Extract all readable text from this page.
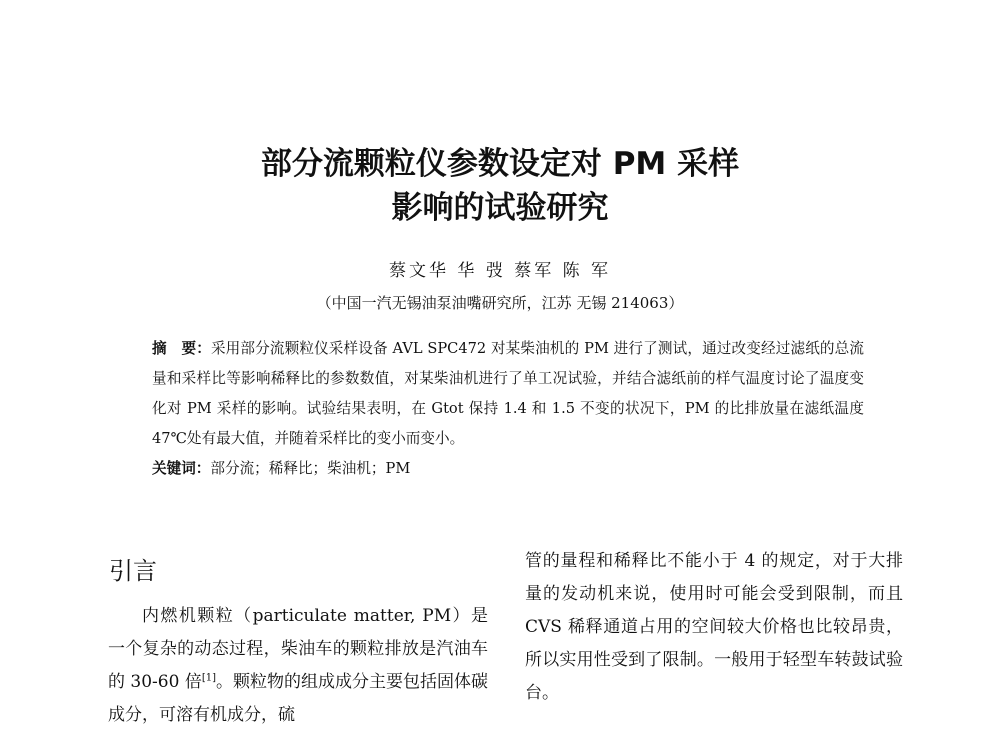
部分流颗粒仪参数设定对 PM 采样
影响的试验研究
蔡文华 华 弢 蔡军 陈 军
（中国一汽无锡油泵油嘴研究所，江苏 无锡 214063）
摘　要：采用部分流颗粒仪采样设备 AVL SPC472 对某柴油机的 PM 进行了测试，通过改变经过滤纸的总流量和采样比等影响稀释比的参数数值，对某柴油机进行了单工况试验，并结合滤纸前的样气温度讨论了温度变化对 PM 采样的影响。试验结果表明，在 Gtot 保持 1.4 和 1.5 不变的状况下，PM 的比排放量在滤纸温度 47℃处有最大值，并随着采样比的变小而变小。
关键词：部分流；稀释比；柴油机；PM
引言
内燃机颗粒（particulate matter, PM）是一个复杂的动态过程，柴油车的颗粒排放是汽油车的 30-60 倍[1]。颗粒物的组成成分主要包括固体碳成分，可溶有机成分，硫
管的量程和稀释比不能小于 4 的规定，对于大排量的发动机来说，使用时可能会受到限制，而且 CVS 稀释通道占用的空间较大价格也比较昂贵，所以实用性受到了限制。一般用于轻型车转鼓试验台。
